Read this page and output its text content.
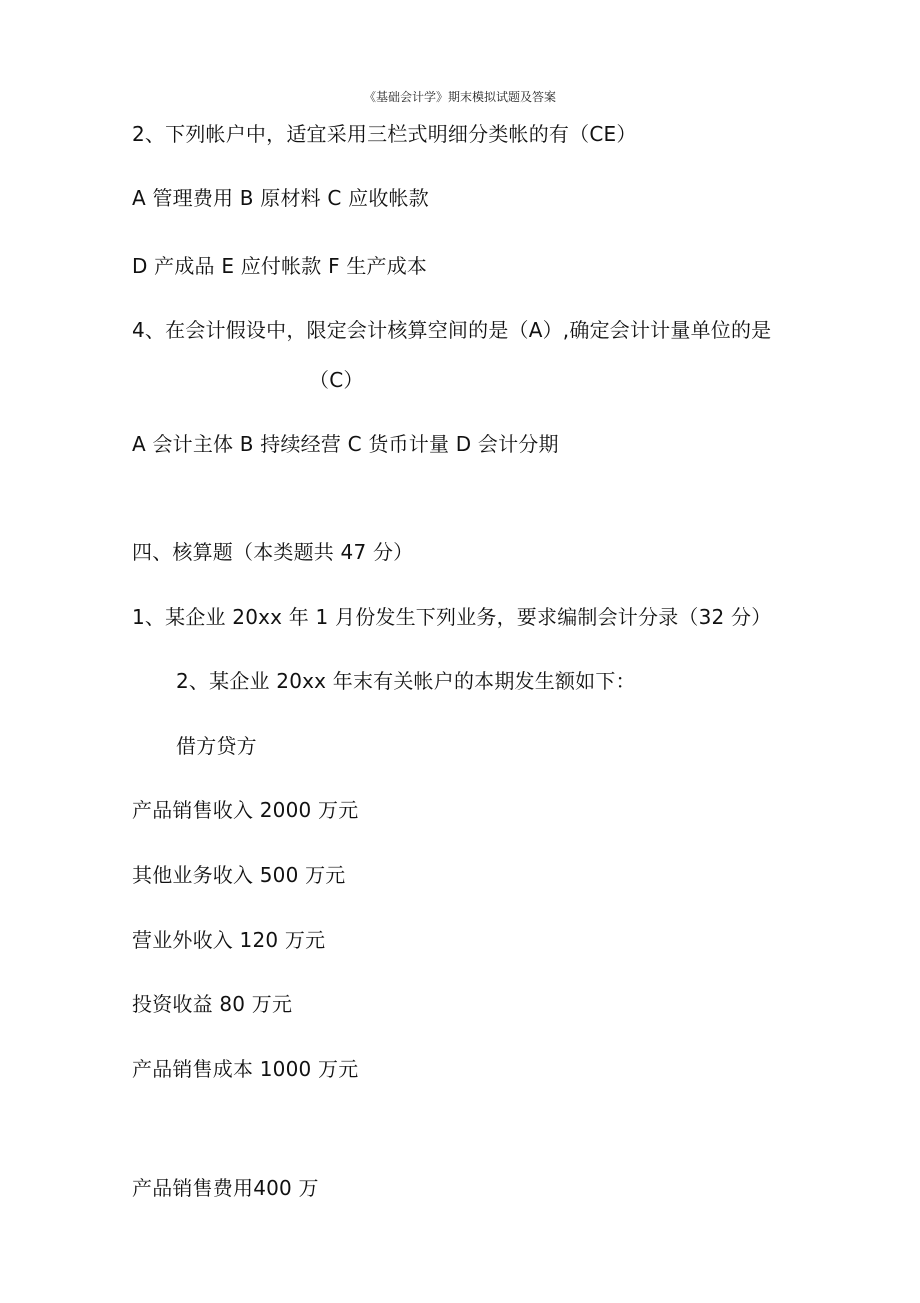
《基础会计学》期末模拟试题及答案
2、下列帐户中，适宜采用三栏式明细分类帐的有（CE）
A 管理费用 B 原材料 C 应收帐款
D 产成品 E 应付帐款 F 生产成本
4、在会计假设中，限定会计核算空间的是（A）,确定会计计量单位的是
（C）
A 会计主体 B 持续经营 C 货币计量 D 会计分期
四、核算题（本类题共 47 分）
1、某企业 20xx 年 1 月份发生下列业务，要求编制会计分录（32 分）
2、某企业 20xx 年末有关帐户的本期发生额如下：
借方贷方
产品销售收入 2000 万元
其他业务收入 500 万元
营业外收入 120 万元
投资收益 80 万元
产品销售成本 1000 万元
产品销售费用400 万
